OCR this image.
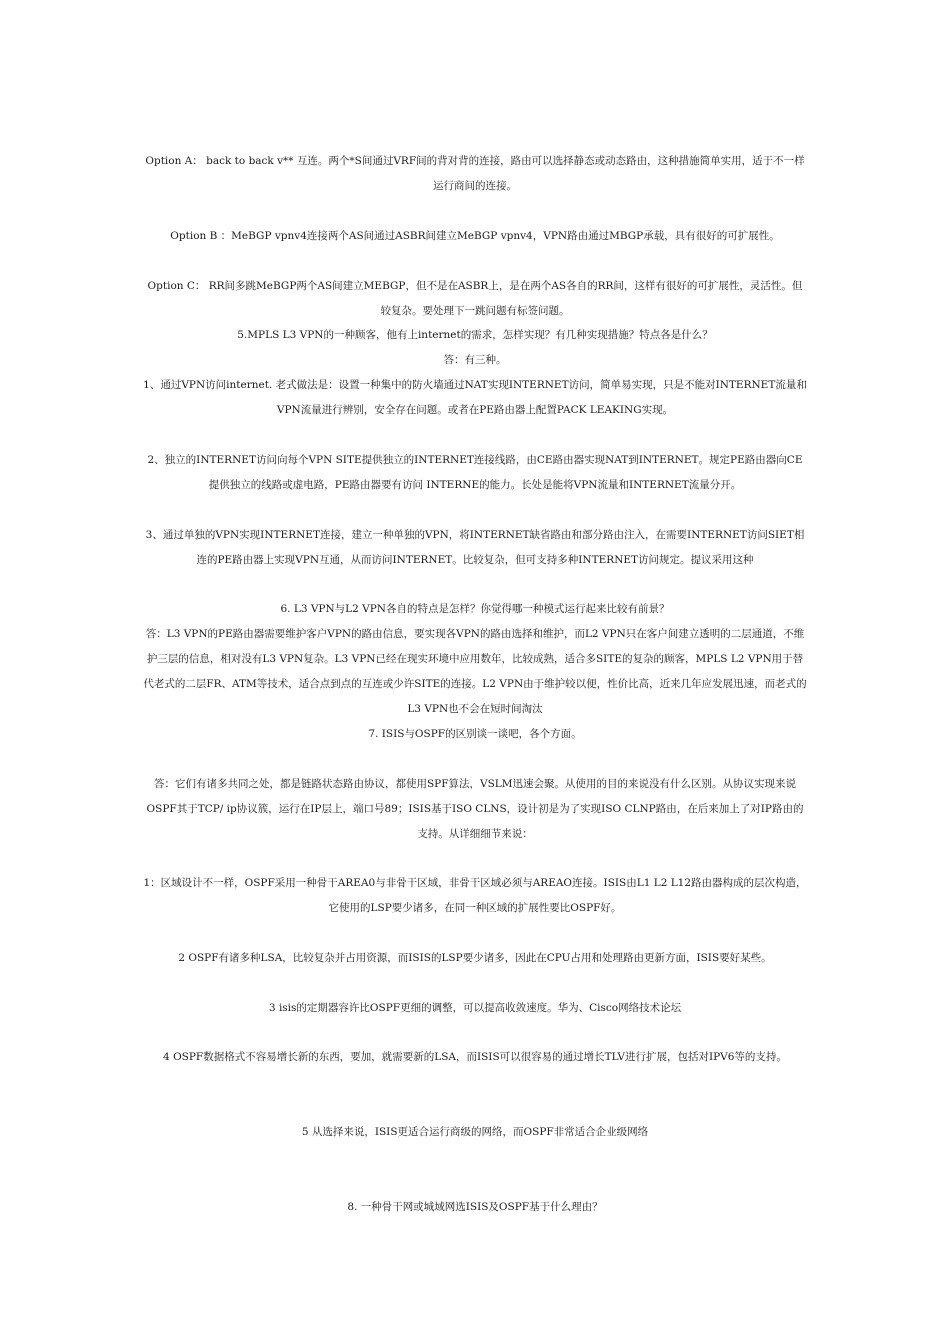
Option A： back to back v** 互连。两个*S间通过VRF间的背对背的连接，路由可以选择静态或动态路由，这种措施简单实用，适于不一样运行商间的连接。
Option B ：MeBGP vpnv4连接两个AS间通过ASBR间建立MeBGP vpnv4，VPN路由通过MBGP承载，具有很好的可扩展性。
Option C： RR间多跳MeBGP两个AS间建立MEBGP，但不是在ASBR上，是在两个AS各自的RR间，这样有很好的可扩展性，灵活性。但较复杂。要处理下一跳问题有标签问题。
5.MPLS L3 VPN的一种顾客，他有上internet的需求，怎样实现？有几种实现措施？特点各是什么？
答：有三种。
1、通过VPN访问internet. 老式做法是：设置一种集中的防火墙通过NAT实现INTERNET访问，简单易实现，只是不能对INTERNET流量和VPN流量进行辨别，安全存在问题。或者在PE路由器上配置PACK LEAKING实现。
2、独立的INTERNET访问向每个VPN SITE提供独立的INTERNET连接线路，由CE路由器实现NAT到INTERNET。规定PE路由器向CE提供独立的线路或虚电路，PE路由器要有访问 INTERNE的能力。长处是能将VPN流量和INTERNET流量分开。
3、通过单独的VPN实现INTERNET连接，建立一种单独的VPN，将INTERNET缺省路由和部分路由注入，在需要INTERNET访问SIET相连的PE路由器上实现VPN互通，从而访问INTERNET。比较复杂，但可支持多种INTERNET访问规定。提议采用这种
6. L3 VPN与L2 VPN各自的特点是怎样？你觉得哪一种模式运行起来比较有前景？
答：L3 VPN的PE路由器需要维护客户VPN的路由信息，要实现各VPN的路由选择和维护，而L2 VPN只在客户间建立透明的二层通道，不维护三层的信息，相对没有L3 VPN复杂。L3 VPN已经在现实环境中应用数年，比较成熟，适合多SITE的复杂的顾客，MPLS L2 VPN用于替代老式的二层FR、ATM等技术，适合点到点的互连或少许SITE的连接。L2 VPN由于维护较以便，性价比高，近来几年应发展迅速，而老式的L3 VPN也不会在短时间淘汰
7. ISIS与OSPF的区别谈一谈吧，各个方面。
答：它们有诸多共同之处，都是链路状态路由协议，都使用SPF算法，VSLM迅速会聚。从使用的目的来说没有什么区别。从协议实现来说OSPF其于TCP/ ip协议簇，运行在IP层上，端口号89；ISIS基于ISO CLNS，设计初是为了实现ISO CLNP路由，在后来加上了对IP路由的支持。从详细细节来说：
1：区域设计不一样，OSPF采用一种骨干AREA0与非骨干区域，非骨干区域必须与AREAO连接。ISIS由L1 L2 L12路由器构成的层次构造，它使用的LSP要少诸多，在同一种区域的扩展性要比OSPF好。
2 OSPF有诸多种LSA，比较复杂并占用资源，而ISIS的LSP要少诸多，因此在CPU占用和处理路由更新方面，ISIS要好某些。
3 isis的定期器容许比OSPF更细的调整，可以提高收敛速度。华为、Cisco网络技术论坛
4 OSPF数据格式不容易增长新的东西，要加，就需要新的LSA，而ISIS可以很容易的通过增长TLV进行扩展，包括对IPV6等的支持。
5 从选择来说，ISIS更适合运行商级的网络，而OSPF非常适合企业级网络
8. 一种骨干网或城域网选ISIS及OSPF基于什么理由？
